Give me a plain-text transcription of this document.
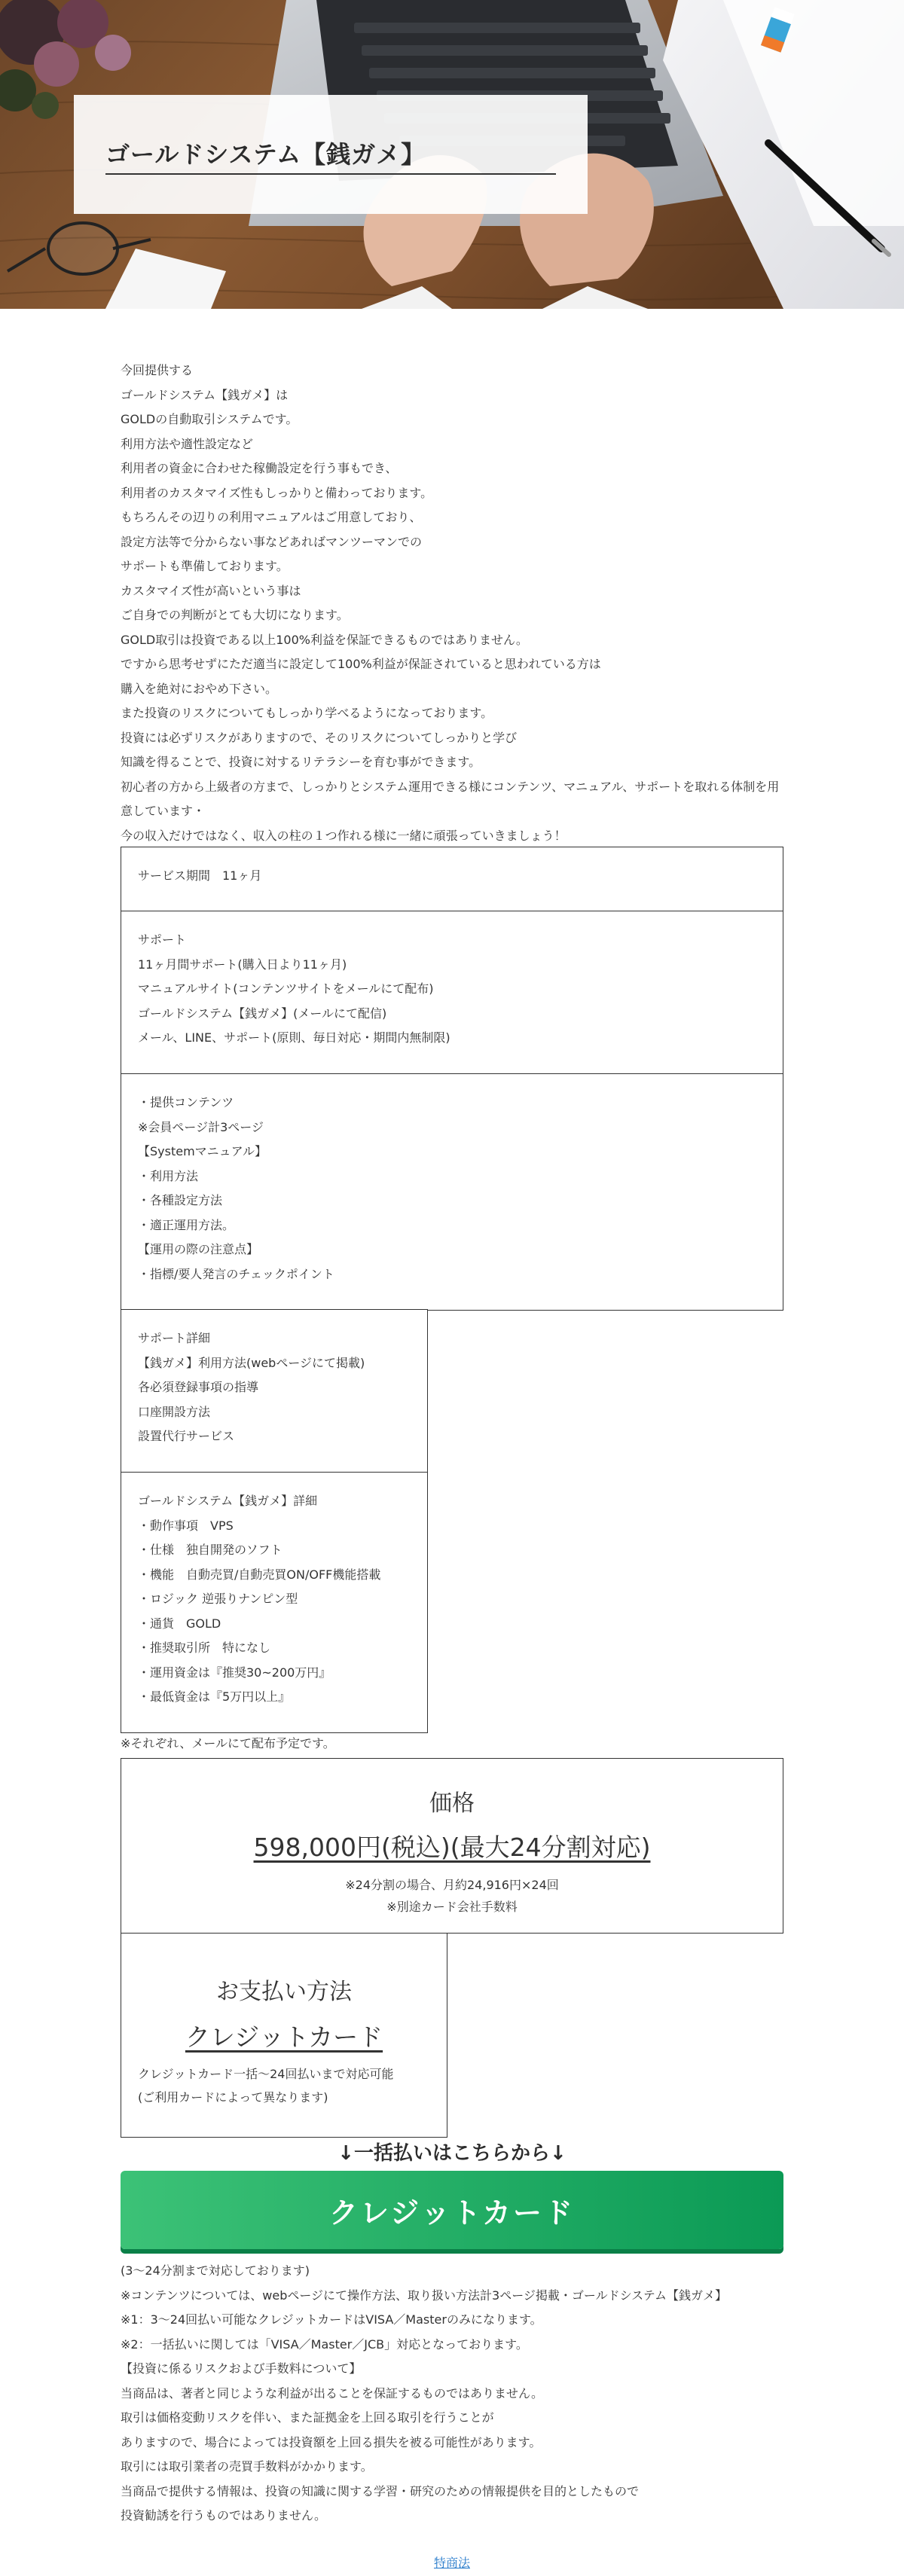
ゴールドシステム【銭ガメ】

今回提供する

ゴールドシステム【銭ガメ】は

GOLDの自動取引システムです。

利用方法や適性設定など

利用者の資金に合わせた稼働設定を行う事もでき、

利用者のカスタマイズ性もしっかりと備わっております。

もちろんその辺りの利用マニュアルはご用意しており、

設定方法等で分からない事などあればマンツーマンでの

サポートも準備しております。

カスタマイズ性が高いという事は

ご自身での判断がとても大切になります。

GOLD取引は投資である以上100%利益を保証できるものではありません。

ですから思考せずにただ適当に設定して100%利益が保証されていると思われている方は

購入を絶対におやめ下さい。

また投資のリスクについてもしっかり学べるようになっております。

投資には必ずリスクがありますので、そのリスクについてしっかりと学び

知識を得ることで、投資に対するリテラシーを育む事ができます。

初心者の方から上級者の方まで、しっかりとシステム運用できる様にコンテンツ、マニュアル、サポートを取れる体制を用意しています・

今の収入だけではなく、収入の柱の１つ作れる様に一緒に頑張っていきましょう！

サービス期間　11ヶ月

サポート

11ヶ月間サポート(購入日より11ヶ月)

マニュアルサイト(コンテンツサイトをメールにて配布)

ゴールドシステム【銭ガメ】(メールにて配信)

メール、LINE、サポート(原則、毎日対応・期間内無制限)

・提供コンテンツ

※会員ページ計3ページ

【Systemマニュアル】

・利用方法

・各種設定方法

・適正運用方法。

【運用の際の注意点】

・指標/要人発言のチェックポイント

サポート詳細

【銭ガメ】利用方法(webページにて掲載)

各必須登録事項の指導

口座開設方法

設置代行サービス

ゴールドシステム【銭ガメ】詳細

・動作事項　VPS

・仕様　独自開発のソフト

・機能　自動売買/自動売買ON/OFF機能搭載

・ロジック 逆張りナンピン型

・通貨　GOLD

・推奨取引所　特になし

・運用資金は『推奨30~200万円』

・最低資金は『5万円以上』

※それぞれ、メールにて配布予定です。
価格
598,000円(税込)(最大24分割対応)
※24分割の場合、月約24,916円×24回
※別途カード会社手数料
お支払い方法
クレジットカード
クレジットカード一括〜24回払いまで対応可能
(ご利用カードによって異なります)
↓一括払いはこちらから↓
クレジットカード

(3〜24分割まで対応しております)

※コンテンツについては、webページにて操作方法、取り扱い方法計3ページ掲載・ゴールドシステム【銭ガメ】

※1：3〜24回払い可能なクレジットカードはVISA／Masterのみになります。

※2：一括払いに関しては「VISA／Master／JCB」対応となっております。

【投資に係るリスクおよび手数料について】

当商品は、著者と同じような利益が出ることを保証するものではありません。

取引は価格変動リスクを伴い、また証拠金を上回る取引を行うことが

ありますので、場合によっては投資額を上回る損失を被る可能性があります。

取引には取引業者の売買手数料がかかります。

当商品で提供する情報は、投資の知識に関する学習・研究のための情報提供を目的としたもので

投資勧誘を行うものではありません。

特商法
